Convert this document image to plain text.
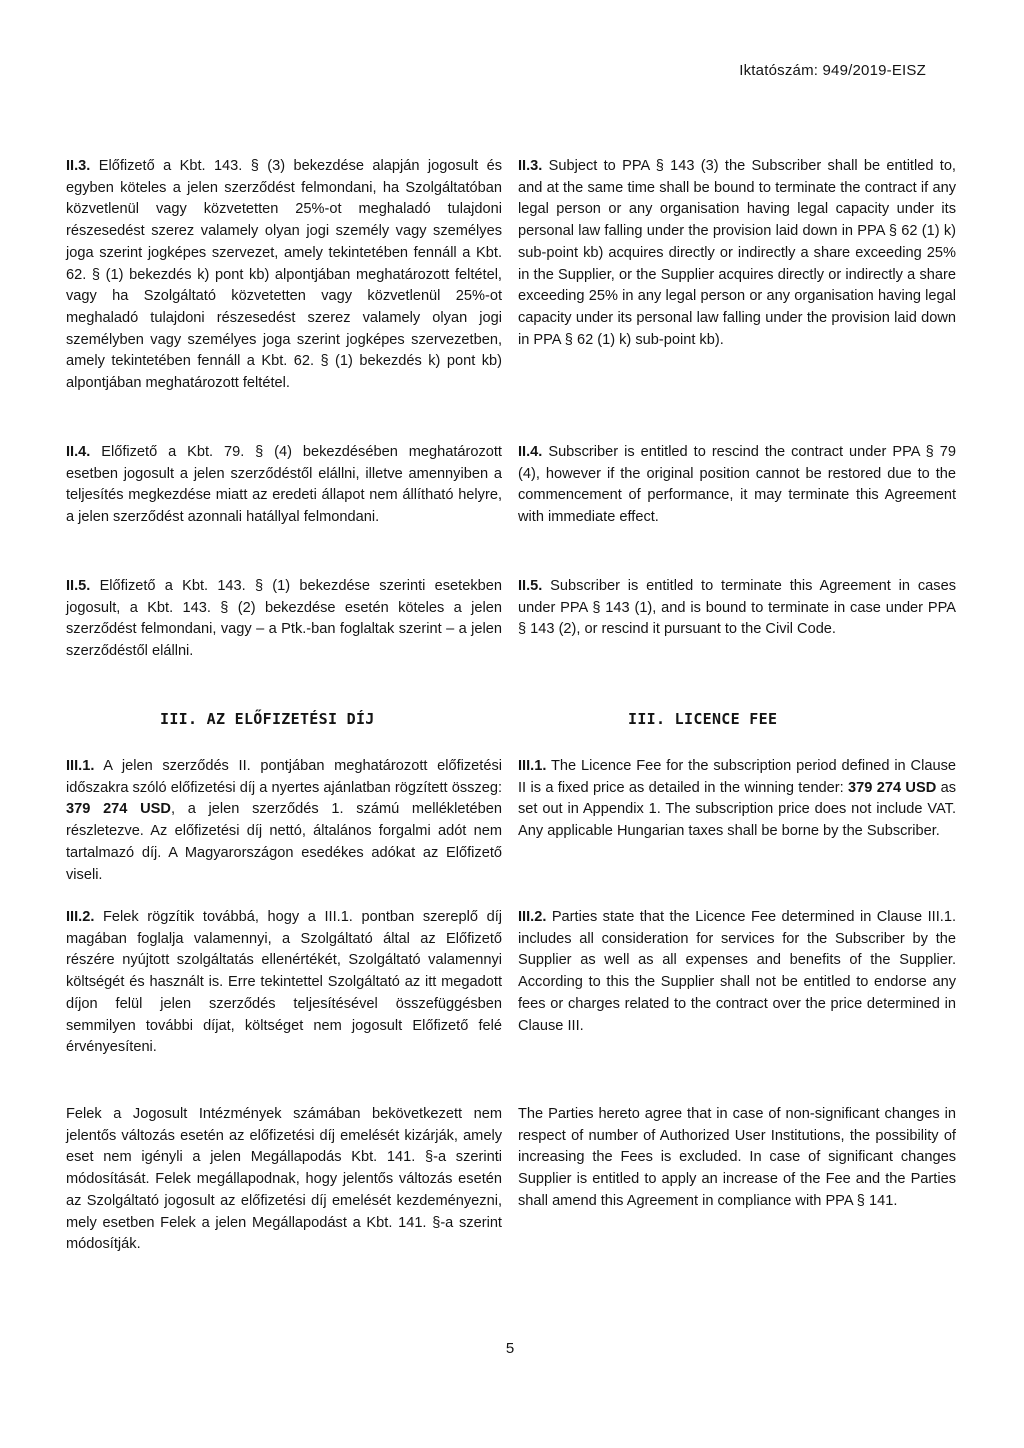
Iktatószám: 949/2019-EISZ
II.3. Előfizető a Kbt. 143. § (3) bekezdése alapján jogosult és egyben köteles a jelen szerződést felmondani, ha Szolgáltatóban közvetlenül vagy közvetetten 25%-ot meghaladó tulajdoni részesedést szerez valamely olyan jogi személy vagy személyes joga szerint jogképes szervezet, amely tekintetében fennáll a Kbt. 62. § (1) bekezdés k) pont kb) alpontjában meghatározott feltétel, vagy ha Szolgáltató közvetetten vagy közvetlenül 25%-ot meghaladó tulajdoni részesedést szerez valamely olyan jogi személyben vagy személyes joga szerint jogképes szervezetben, amely tekintetében fennáll a Kbt. 62. § (1) bekezdés k) pont kb) alpontjában meghatározott feltétel.
II.3. Subject to PPA § 143 (3) the Subscriber shall be entitled to, and at the same time shall be bound to terminate the contract if any legal person or any organisation having legal capacity under its personal law falling under the provision laid down in PPA § 62 (1) k) sub-point kb) acquires directly or indirectly a share exceeding 25% in the Supplier, or the Supplier acquires directly or indirectly a share exceeding 25% in any legal person or any organisation having legal capacity under its personal law falling under the provision laid down in PPA § 62 (1) k) sub-point kb).
II.4. Előfizető a Kbt. 79. § (4) bekezdésében meghatározott esetben jogosult a jelen szerződéstől elállni, illetve amennyiben a teljesítés megkezdése miatt az eredeti állapot nem állítható helyre, a jelen szerződést azonnali hatállyal felmondani.
II.4. Subscriber is entitled to rescind the contract under PPA § 79 (4), however if the original position cannot be restored due to the commencement of performance, it may terminate this Agreement with immediate effect.
II.5. Előfizető a Kbt. 143. § (1) bekezdése szerinti esetekben jogosult, a Kbt. 143. § (2) bekezdése esetén köteles a jelen szerződést felmondani, vagy – a Ptk.-ban foglaltak szerint – a jelen szerződéstől elállni.
II.5. Subscriber is entitled to terminate this Agreement in cases under PPA § 143 (1), and is bound to terminate in case under PPA § 143 (2), or rescind it pursuant to the Civil Code.
III. AZ ELŐFIZETÉSI DÍJ	III. LICENCE FEE
III.1. A jelen szerződés II. pontjában meghatározott előfizetési időszakra szóló előfizetési díj a nyertes ajánlatban rögzített összeg: 379 274 USD, a jelen szerződés 1. számú mellékletében részletezve. Az előfizetési díj nettó, általános forgalmi adót nem tartalmazó díj. A Magyarországon esedékes adókat az Előfizető viseli.
III.1. The Licence Fee for the subscription period defined in Clause II is a fixed price as detailed in the winning tender: 379 274 USD as set out in Appendix 1. The subscription price does not include VAT. Any applicable Hungarian taxes shall be borne by the Subscriber.
III.2. Felek rögzítik továbbá, hogy a III.1. pontban szereplő díj magában foglalja valamennyi, a Szolgáltató által az Előfizető részére nyújtott szolgáltatás ellenértékét, Szolgáltató valamennyi költségét és használt is. Erre tekintettel Szolgáltató az itt megadott díjon felül jelen szerződés teljesítésével összefüggésben semmilyen további díjat, költséget nem jogosult Előfizető felé érvényesíteni.
III.2. Parties state that the Licence Fee determined in Clause III.1. includes all consideration for services for the Subscriber by the Supplier as well as all expenses and benefits of the Supplier. According to this the Supplier shall not be entitled to endorse any fees or charges related to the contract over the price determined in Clause III.
Felek a Jogosult Intézmények számában bekövetkezett nem jelentős változás esetén az előfizetési díj emelését kizárják, amely eset nem igényli a jelen Megállapodás Kbt. 141. §-a szerinti módosítását. Felek megállapodnak, hogy jelentős változás esetén az Szolgáltató jogosult az előfizetési díj emelését kezdeményezni, mely esetben Felek a jelen Megállapodást a Kbt. 141. §-a szerint módosítják.
The Parties hereto agree that in case of non-significant changes in respect of number of Authorized User Institutions, the possibility of increasing the Fees is excluded. In case of significant changes Supplier is entitled to apply an increase of the Fee and the Parties shall amend this Agreement in compliance with PPA § 141.
5
